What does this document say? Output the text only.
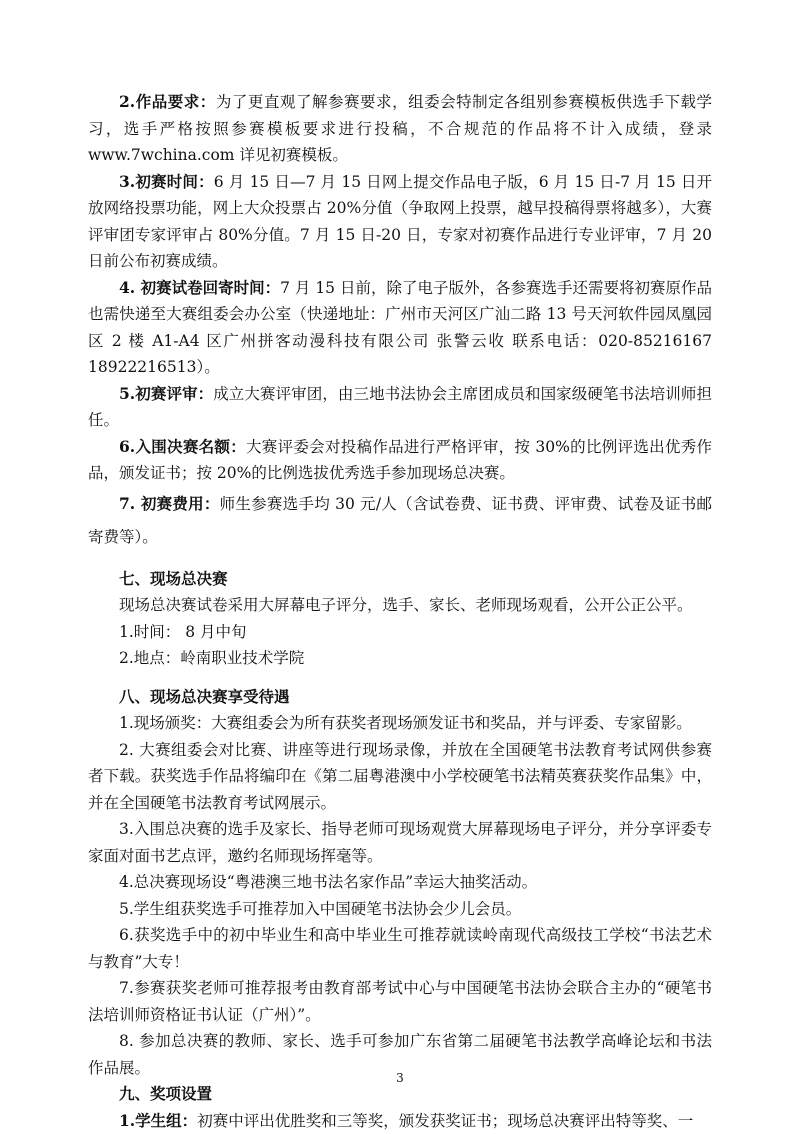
2.作品要求：为了更直观了解参赛要求，组委会特制定各组别参赛模板供选手下载学习，选手严格按照参赛模板要求进行投稿，不合规范的作品将不计入成绩，登录 www.7wchina.com 详见初赛模板。

3.初赛时间：6 月 15 日—7 月 15 日网上提交作品电子版，6 月 15 日-7 月 15 日开放网络投票功能，网上大众投票占 20%分值（争取网上投票，越早投稿得票将越多），大赛评审团专家评审占 80%分值。7 月 15 日-20 日，专家对初赛作品进行专业评审，7 月 20 日前公布初赛成绩。

4. 初赛试卷回寄时间：7 月 15 日前，除了电子版外，各参赛选手还需要将初赛原作品也需快递至大赛组委会办公室（快递地址：广州市天河区广汕二路 13 号天河软件园凤凰园区 2 楼 A1-A4 区广州拼客动漫科技有限公司 张警云收 联系电话：020-85216167 18922216513）。

5.初赛评审：成立大赛评审团，由三地书法协会主席团成员和国家级硬笔书法培训师担任。

6.入围决赛名额：大赛评委会对投稿作品进行严格评审，按 30%的比例评选出优秀作品，颁发证书；按 20%的比例选拔优秀选手参加现场总决赛。

7. 初赛费用：师生参赛选手均 30 元/人（含试卷费、证书费、评审费、试卷及证书邮寄费等）。

七、现场总决赛

现场总决赛试卷采用大屏幕电子评分，选手、家长、老师现场观看，公开公正公平。

1.时间： 8 月中旬

2.地点：岭南职业技术学院

八、现场总决赛享受待遇

1.现场颁奖：大赛组委会为所有获奖者现场颁发证书和奖品，并与评委、专家留影。

2. 大赛组委会对比赛、讲座等进行现场录像，并放在全国硬笔书法教育考试网供参赛者下载。获奖选手作品将编印在《第二届粤港澳中小学校硬笔书法精英赛获奖作品集》中，并在全国硬笔书法教育考试网展示。

3.入围总决赛的选手及家长、指导老师可现场观赏大屏幕现场电子评分，并分享评委专家面对面书艺点评，邀约名师现场挥毫等。

4.总决赛现场设“粤港澳三地书法名家作品”幸运大抽奖活动。

5.学生组获奖选手可推荐加入中国硬笔书法协会少儿会员。

6.获奖选手中的初中毕业生和高中毕业生可推荐就读岭南现代高级技工学校“书法艺术与教育”大专！

7.参赛获奖老师可推荐报考由教育部考试中心与中国硬笔书法协会联合主办的“硬笔书法培训师资格证书认证（广州）”。

8. 参加总决赛的教师、家长、选手可参加广东省第二届硬笔书法教学高峰论坛和书法作品展。

九、奖项设置

1.学生组：初赛中评出优胜奖和三等奖，颁发获奖证书；现场总决赛评出特等奖、一

3
